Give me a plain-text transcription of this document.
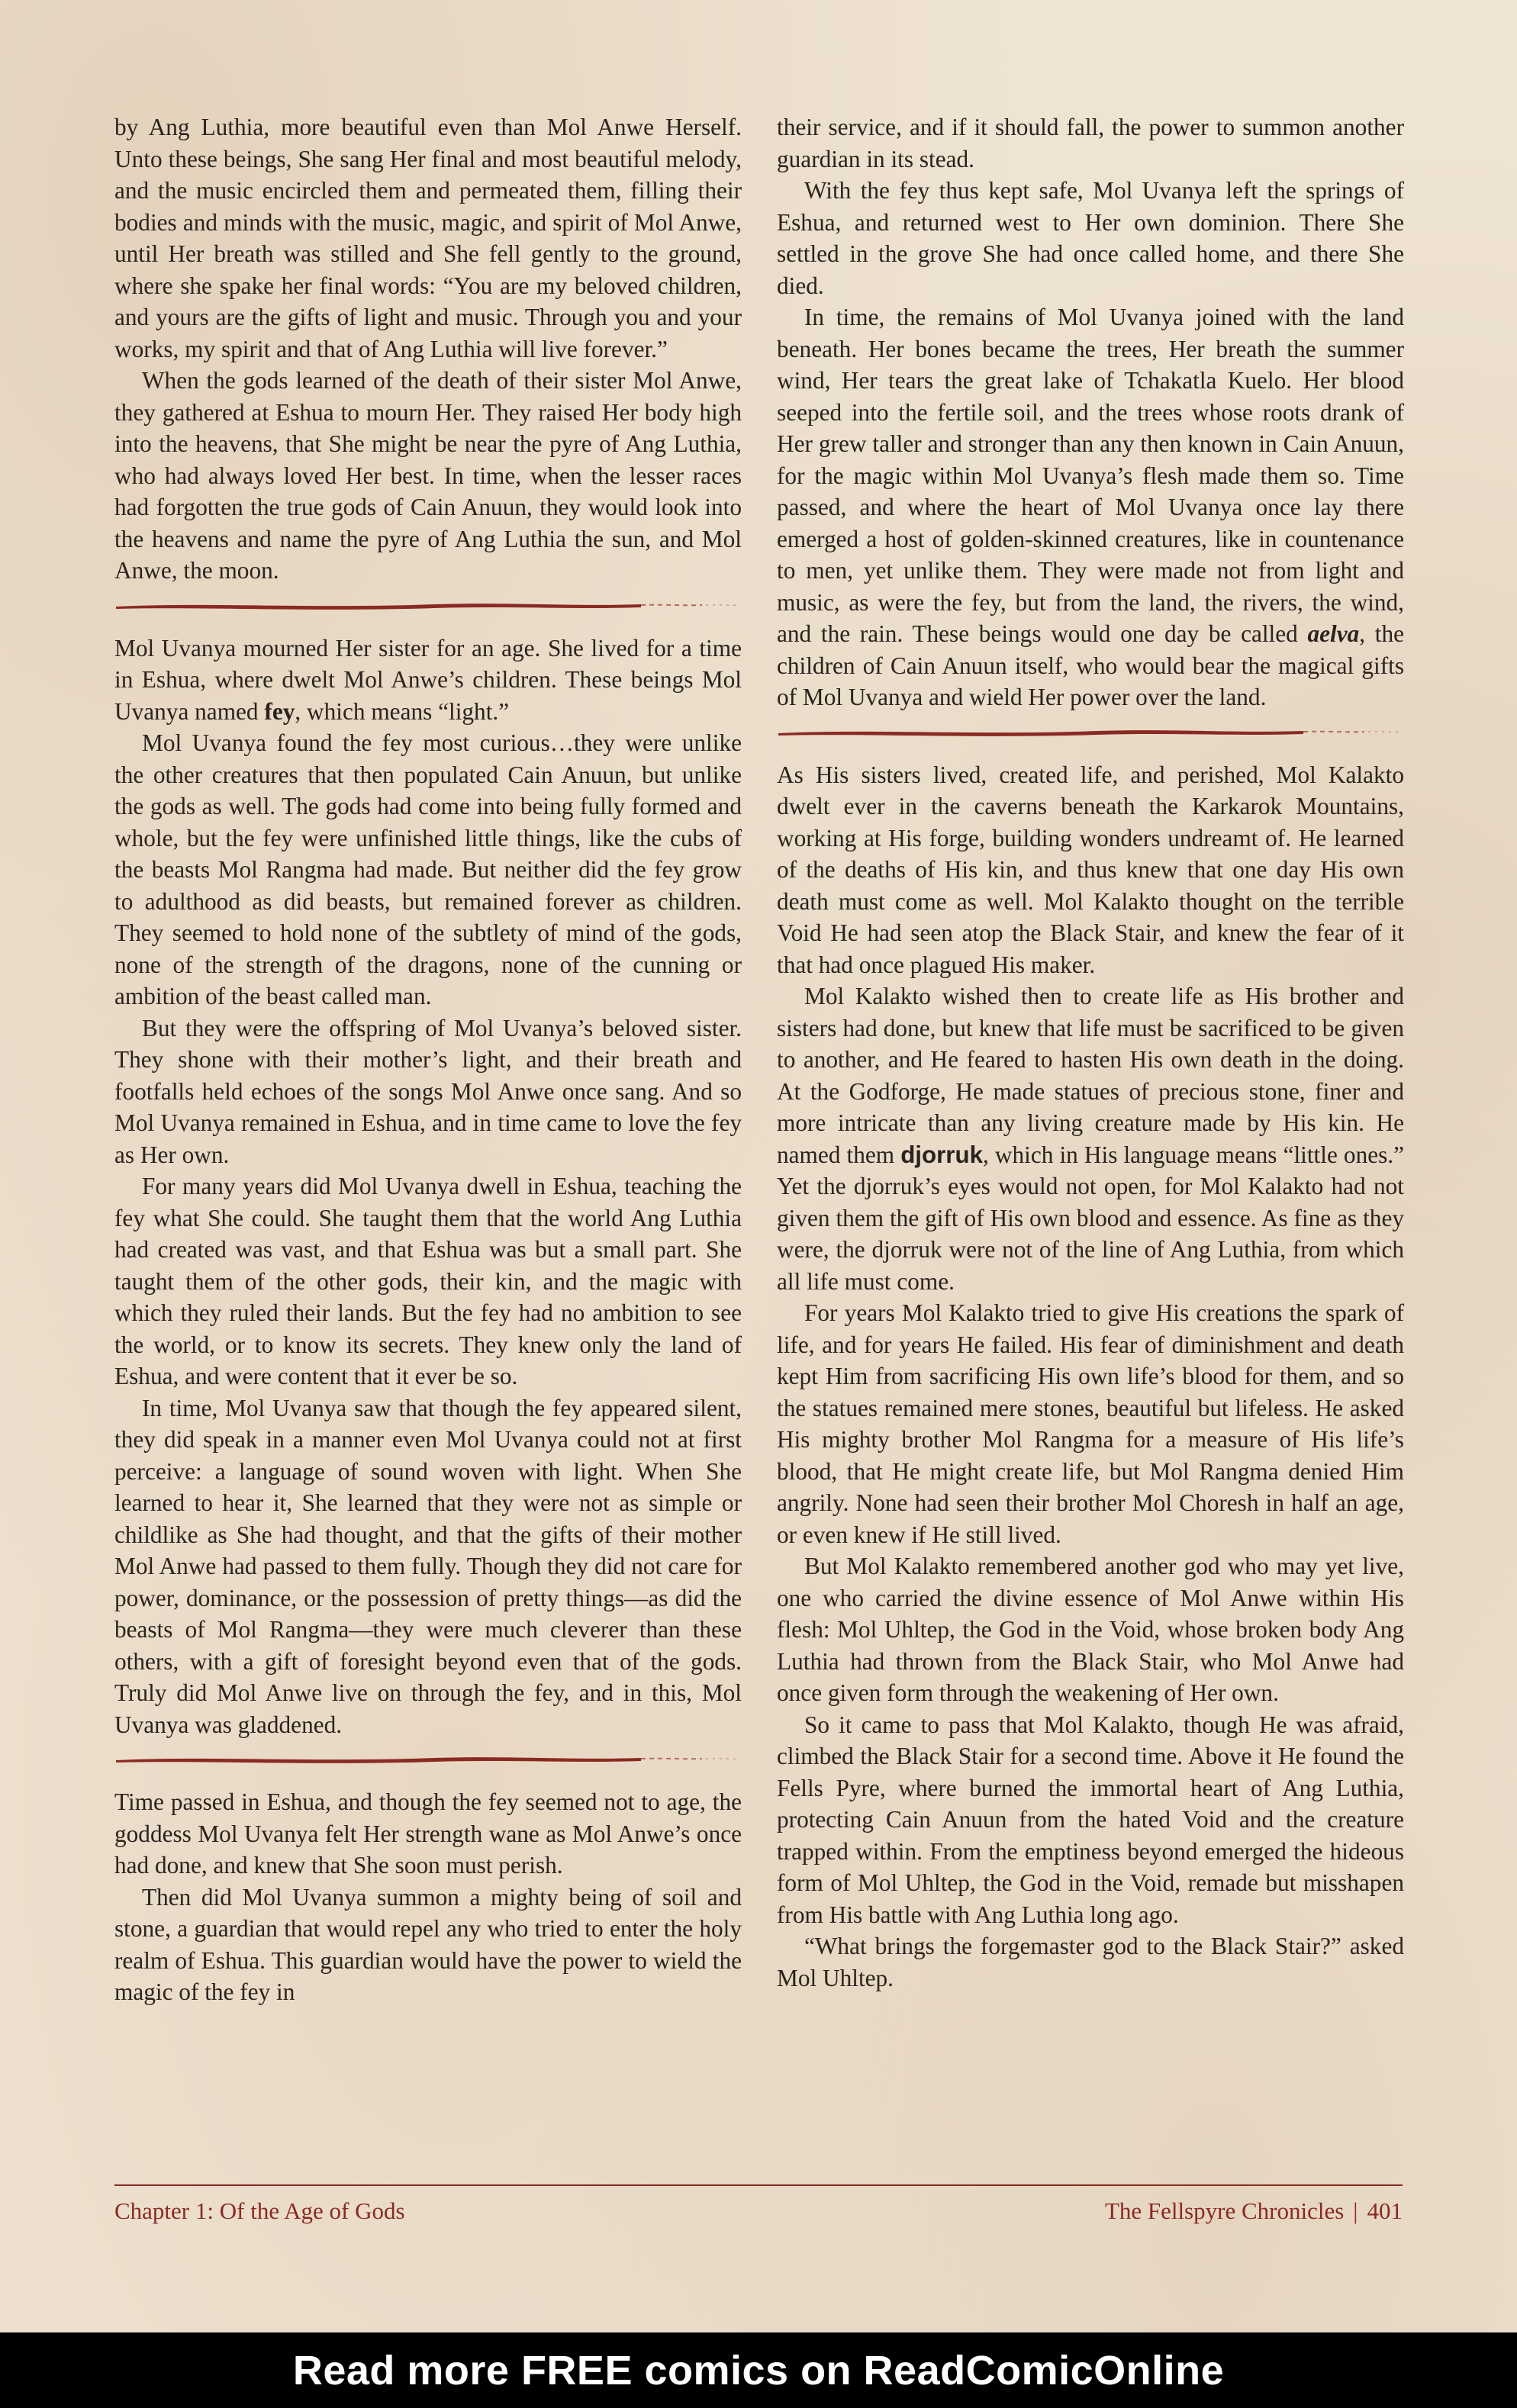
by Ang Luthia, more beautiful even than Mol Anwe Herself. Unto these beings, She sang Her final and most beautiful melody, and the music encircled them and permeated them, filling their bodies and minds with the music, magic, and spirit of Mol Anwe, until Her breath was stilled and She fell gently to the ground, where she spake her final words: “You are my beloved children, and yours are the gifts of light and music. Through you and your works, my spirit and that of Ang Luthia will live forever.”

When the gods learned of the death of their sister Mol Anwe, they gathered at Eshua to mourn Her. They raised Her body high into the heavens, that She might be near the pyre of Ang Luthia, who had always loved Her best. In time, when the lesser races had forgotten the true gods of Cain Anuun, they would look into the heavens and name the pyre of Ang Luthia the sun, and Mol Anwe, the moon.

Mol Uvanya mourned Her sister for an age. She lived for a time in Eshua, where dwelt Mol Anwe’s children. These beings Mol Uvanya named fey, which means “light.”

Mol Uvanya found the fey most curious…they were unlike the other creatures that then populated Cain Anuun, but unlike the gods as well. The gods had come into being fully formed and whole, but the fey were unfinished little things, like the cubs of the beasts Mol Rangma had made. But neither did the fey grow to adulthood as did beasts, but remained forever as children. They seemed to hold none of the subtlety of mind of the gods, none of the strength of the dragons, none of the cunning or ambition of the beast called man.

But they were the offspring of Mol Uvanya’s beloved sister. They shone with their mother’s light, and their breath and footfalls held echoes of the songs Mol Anwe once sang. And so Mol Uvanya remained in Eshua, and in time came to love the fey as Her own.

For many years did Mol Uvanya dwell in Eshua, teaching the fey what She could. She taught them that the world Ang Luthia had created was vast, and that Eshua was but a small part. She taught them of the other gods, their kin, and the magic with which they ruled their lands. But the fey had no ambition to see the world, or to know its secrets. They knew only the land of Eshua, and were content that it ever be so.

In time, Mol Uvanya saw that though the fey appeared silent, they did speak in a manner even Mol Uvanya could not at first perceive: a language of sound woven with light. When She learned to hear it, She learned that they were not as simple or childlike as She had thought, and that the gifts of their mother Mol Anwe had passed to them fully. Though they did not care for power, dominance, or the possession of pretty things—as did the beasts of Mol Rangma—they were much cleverer than these others, with a gift of foresight beyond even that of the gods. Truly did Mol Anwe live on through the fey, and in this, Mol Uvanya was gladdened.

Time passed in Eshua, and though the fey seemed not to age, the goddess Mol Uvanya felt Her strength wane as Mol Anwe’s once had done, and knew that She soon must perish.

Then did Mol Uvanya summon a mighty being of soil and stone, a guardian that would repel any who tried to enter the holy realm of Eshua. This guardian would have the power to wield the magic of the fey in

their service, and if it should fall, the power to summon another guardian in its stead.

With the fey thus kept safe, Mol Uvanya left the springs of Eshua, and returned west to Her own dominion. There She settled in the grove She had once called home, and there She died.

In time, the remains of Mol Uvanya joined with the land beneath. Her bones became the trees, Her breath the summer wind, Her tears the great lake of Tchakatla Kuelo. Her blood seeped into the fertile soil, and the trees whose roots drank of Her grew taller and stronger than any then known in Cain Anuun, for the magic within Mol Uvanya’s flesh made them so. Time passed, and where the heart of Mol Uvanya once lay there emerged a host of golden-skinned creatures, like in countenance to men, yet unlike them. They were made not from light and music, as were the fey, but from the land, the rivers, the wind, and the rain. These beings would one day be called aelva, the children of Cain Anuun itself, who would bear the magical gifts of Mol Uvanya and wield Her power over the land.

As His sisters lived, created life, and perished, Mol Kalakto dwelt ever in the caverns beneath the Karkarok Mountains, working at His forge, building wonders undreamt of. He learned of the deaths of His kin, and thus knew that one day His own death must come as well. Mol Kalakto thought on the terrible Void He had seen atop the Black Stair, and knew the fear of it that had once plagued His maker.

Mol Kalakto wished then to create life as His brother and sisters had done, but knew that life must be sacrificed to be given to another, and He feared to hasten His own death in the doing. At the Godforge, He made statues of precious stone, finer and more intricate than any living creature made by His kin. He named them djorruk, which in His language means “little ones.” Yet the djorruk’s eyes would not open, for Mol Kalakto had not given them the gift of His own blood and essence. As fine as they were, the djorruk were not of the line of Ang Luthia, from which all life must come.

For years Mol Kalakto tried to give His creations the spark of life, and for years He failed. His fear of diminishment and death kept Him from sacrificing His own life’s blood for them, and so the statues remained mere stones, beautiful but lifeless. He asked His mighty brother Mol Rangma for a measure of His life’s blood, that He might create life, but Mol Rangma denied Him angrily. None had seen their brother Mol Choresh in half an age, or even knew if He still lived.

But Mol Kalakto remembered another god who may yet live, one who carried the divine essence of Mol Anwe within His flesh: Mol Uhltep, the God in the Void, whose broken body Ang Luthia had thrown from the Black Stair, who Mol Anwe had once given form through the weakening of Her own.

So it came to pass that Mol Kalakto, though He was afraid, climbed the Black Stair for a second time. Above it He found the Fells Pyre, where burned the immortal heart of Ang Luthia, protecting Cain Anuun from the hated Void and the creature trapped within. From the emptiness beyond emerged the hideous form of Mol Uhltep, the God in the Void, remade but misshapen from His battle with Ang Luthia long ago.

“What brings the forgemaster god to the Black Stair?” asked Mol Uhltep.

Chapter 1: Of the Age of Gods	The Fellspyre Chronicles | 401
Read more FREE comics on ReadComicOnline
